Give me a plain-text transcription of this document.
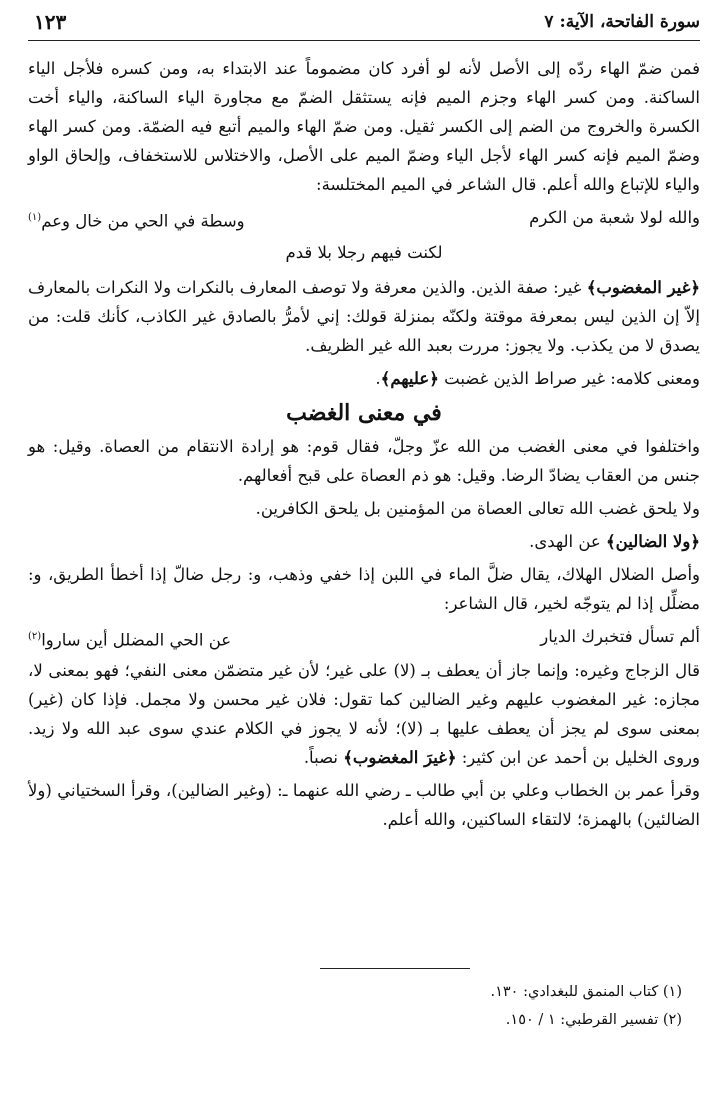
سورة الفاتحة، الآية: ٧
١٢٣

فمن ضمّ الهاء ردّه إلى الأصل لأنه لو أفرد كان مضموماً عند الابتداء به، ومن كسره فلأجل الياء الساكنة. ومن كسر الهاء وجزم الميم فإنه يستثقل الضمّ مع مجاورة الياء الساكنة، والياء أخت الكسرة والخروج من الضم إلى الكسر ثقيل. ومن ضمّ الهاء والميم أتبع فيه الضمّة. ومن كسر الهاء وضمّ الميم فإنه كسر الهاء لأجل الياء وضمّ الميم على الأصل، والاختلاس للاستخفاف، وإلحاق الواو والياء للإتباع والله أعلم. قال الشاعر في الميم المختلسة:

والله لولا شعبة من الكرم
وسطة في الحي من خال وعم$^{(١)}$
لكنت فيهم رجلا بلا قدم

﴿غير المغضوب﴾ غير: صفة الذين. والذين معرفة ولا توصف المعارف بالنكرات ولا النكرات بالمعارف إلاّ إن الذين ليس بمعرفة موقتة ولكنّه بمنزلة قولك: إني لأمرُّ بالصادق غير الكاذب، كأنك قلت: من يصدق لا من يكذب. ولا يجوز: مررت بعبد الله غير الظريف.

ومعنى كلامه: غير صراط الذين غضبت ﴿عليهم﴾.

في معنى الغضب

واختلفوا في معنى الغضب من الله عزّ وجلّ، فقال قوم: هو إرادة الانتقام من العصاة. وقيل: هو جنس من العقاب يضادّ الرضا. وقيل: هو ذم العصاة على قبح أفعالهم.

ولا يلحق غضب الله تعالى العصاة من المؤمنين بل يلحق الكافرين.

﴿ولا الضالين﴾ عن الهدى.

وأصل الضلال الهلاك، يقال ضلَّ الماء في اللبن إذا خفي وذهب، و: رجل ضالّ إذا أخطأ الطريق، و: مضلِّل إذا لم يتوجّه لخير، قال الشاعر:

ألم تسأل فتخبرك الديار
عن الحي المضلل أين ساروا$^{(٢)}$

قال الزجاج وغيره: وإنما جاز أن يعطف بـ (لا) على غير؛ لأن غير متضمّن معنى النفي؛ فهو بمعنى لا، مجازه: غير المغضوب عليهم وغير الضالين كما تقول: فلان غير محسن ولا مجمل. فإذا كان (غير) بمعنى سوى لم يجز أن يعطف عليها بـ (لا)؛ لأنه لا يجوز في الكلام عندي سوى عبد الله ولا زيد. وروى الخليل بن أحمد عن ابن كثير: ﴿غيرَ المغضوب﴾ نصباً.

وقرأ عمر بن الخطاب وعلي بن أبي طالب ـ رضي الله عنهما ـ: (وغير الضالين)، وقرأ السختياني (ولأ الضالئين) بالهمزة؛ لالتقاء الساكنين، والله أعلم.

(١) كتاب المنمق للبغدادي: ١٣٠.
(٢) تفسير القرطبي: ١ / ١٥٠.
